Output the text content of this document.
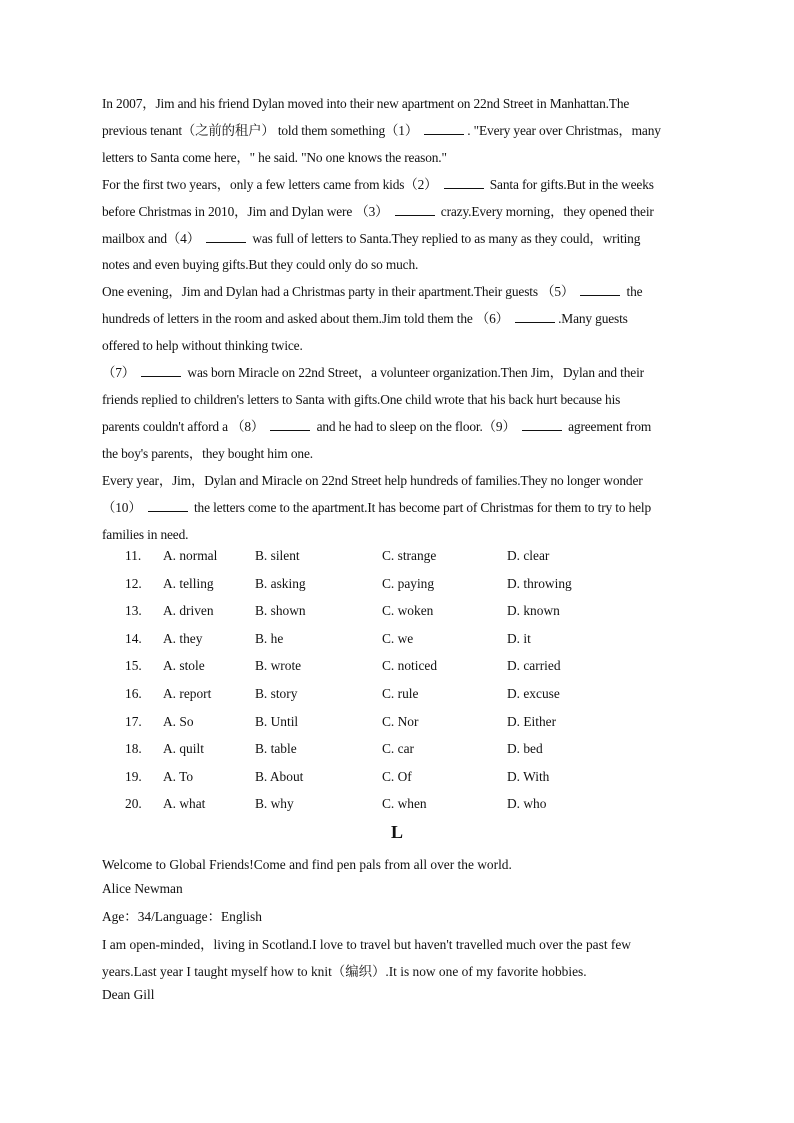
In 2007，Jim and his friend Dylan moved into their new apartment on 22nd Street in Manhattan.The
previous tenant（之前的租户） told them something（1）	. "Every year over Christmas，many
letters to Santa come here，" he said. "No one knows the reason."
For the first two years，only a few letters came from kids（2）	Santa for gifts.But in the weeks
before Christmas in 2010，Jim and Dylan were （3）	crazy.Every morning，they opened their
mailbox and（4）	was full of letters to Santa.They replied to as many as they could，writing
notes and even buying gifts.But they could only do so much.
One evening，Jim and Dylan had a Christmas party in their apartment.Their guests （5）	the
hundreds of letters in the room and asked about them.Jim told them the （6）	.Many guests
offered to help without thinking twice.
（7）	was born Miracle on 22nd Street，a volunteer organization.Then Jim，Dylan and their
friends replied to children's letters to Santa with gifts.One child wrote that his back hurt because his
parents couldn't afford a （8）	and he had to sleep on the floor.（9）	agreement from
the boy's parents，they bought him one.
Every year，Jim，Dylan and Miracle on 22nd Street help hundreds of families.They no longer wonder
（10）	the letters come to the apartment.It has become part of Christmas for them to try to help
families in need.
11. A. normal	B. silent	C. strange	D. clear
12. A. telling	B. asking	C. paying	D. throwing
13. A. driven	B. shown	C. woken	D. known
14. A. they	B. he	C. we	D. it
15. A. stole	B. wrote	C. noticed	D. carried
16. A. report	B. story	C. rule	D. excuse
17. A. So	B. Until	C. Nor	D. Either
18. A. quilt	B. table	C. car	D. bed
19. A. To	B. About	C. Of	D. With
20. A. what	B. why	C. when	D. who
L
Welcome to Global Friends!Come and find pen pals from all over the world.
Alice Newman
Age：34/Language：English
I am open-minded，living in Scotland.I love to travel but haven't travelled much over the past few
years.Last year I taught myself how to knit（编织）.It is now one of my favorite hobbies.
Dean Gill
